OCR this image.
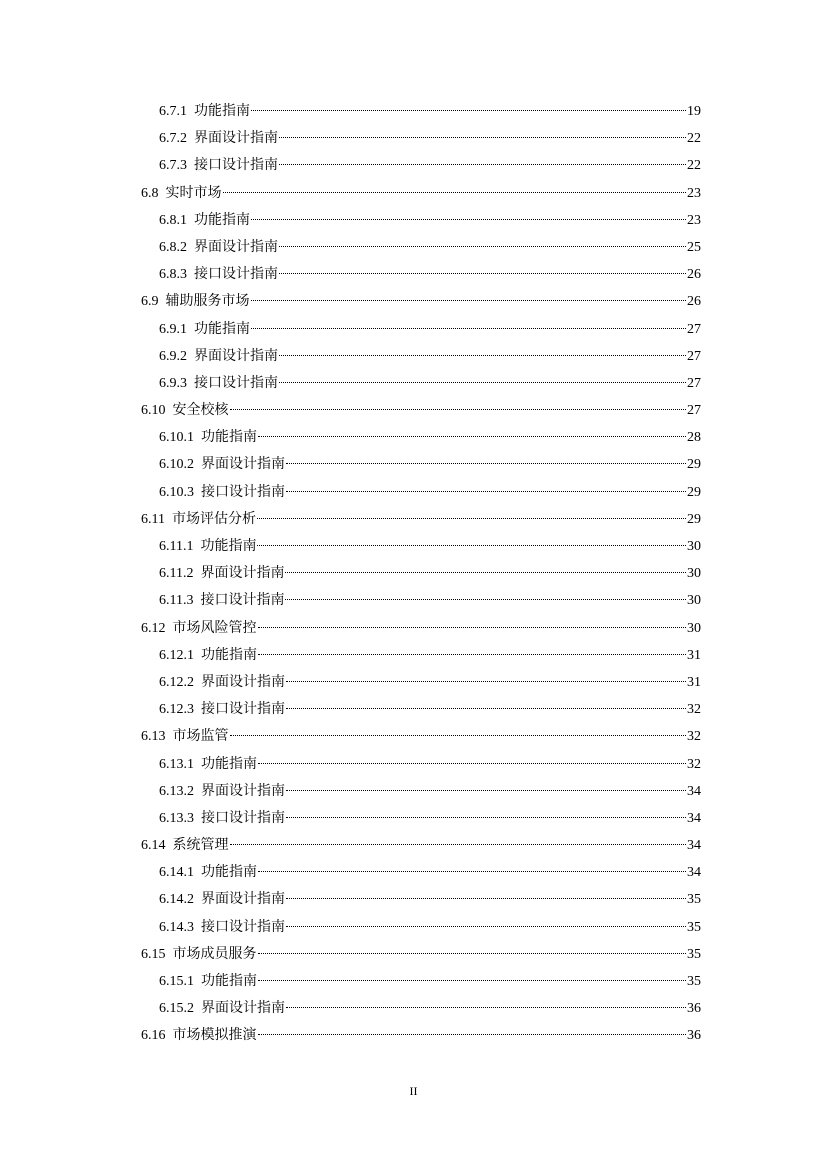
6.7.1 功能指南	19
6.7.2 界面设计指南	22
6.7.3 接口设计指南	22
6.8 实时市场	23
6.8.1 功能指南	23
6.8.2 界面设计指南	25
6.8.3 接口设计指南	26
6.9 辅助服务市场	26
6.9.1 功能指南	27
6.9.2 界面设计指南	27
6.9.3 接口设计指南	27
6.10 安全校核	27
6.10.1 功能指南	28
6.10.2 界面设计指南	29
6.10.3 接口设计指南	29
6.11 市场评估分析	29
6.11.1 功能指南	30
6.11.2 界面设计指南	30
6.11.3 接口设计指南	30
6.12 市场风险管控	30
6.12.1 功能指南	31
6.12.2 界面设计指南	31
6.12.3 接口设计指南	32
6.13 市场监管	32
6.13.1 功能指南	32
6.13.2 界面设计指南	34
6.13.3 接口设计指南	34
6.14 系统管理	34
6.14.1 功能指南	34
6.14.2 界面设计指南	35
6.14.3 接口设计指南	35
6.15 市场成员服务	35
6.15.1 功能指南	35
6.15.2 界面设计指南	36
6.16 市场模拟推演	36
II
